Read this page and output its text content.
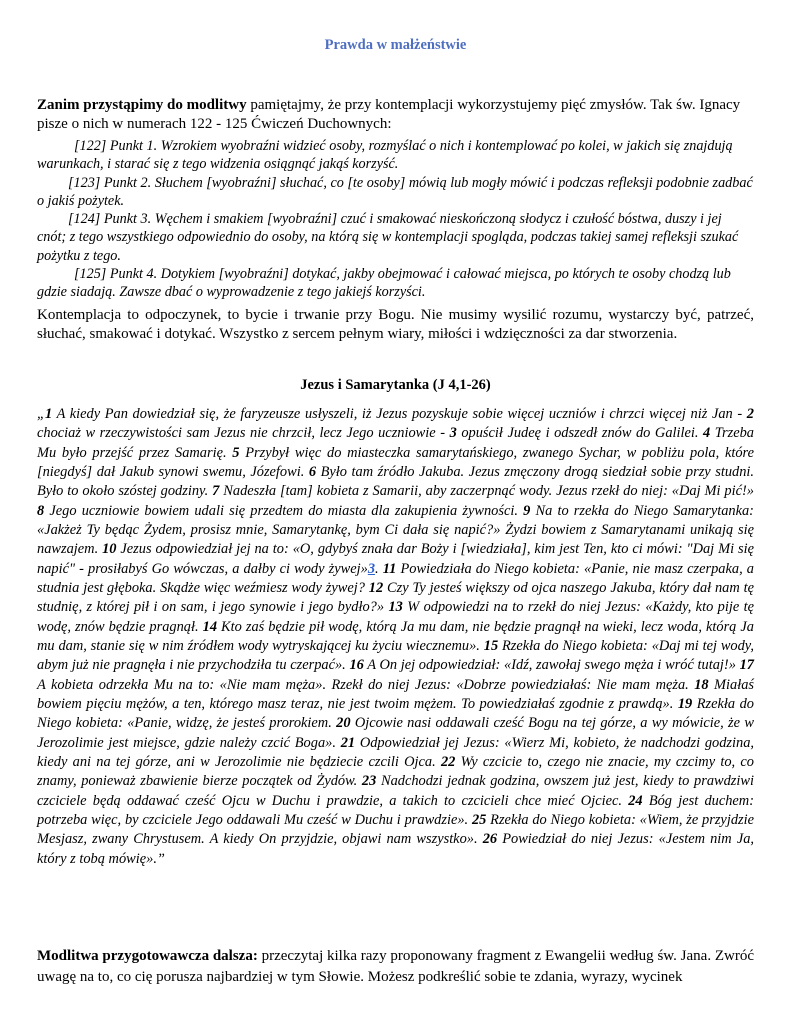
Prawda w małżeństwie

Zanim przystąpimy do modlitwy pamiętajmy, że przy kontemplacji wykorzystujemy pięć zmysłów. Tak św. Ignacy pisze o nich w numerach 122 - 125 Ćwiczeń Duchownych:

[122] Punkt 1. Wzrokiem wyobraźni widzieć osoby, rozmyślać o nich i kontemplować po kolei, w jakich się znajdują warunkach, i starać się z tego widzenia osiągnąć jakąś korzyść.

[123] Punkt 2. Słuchem [wyobraźni] słuchać, co [te osoby] mówią lub mogły mówić i podczas refleksji podobnie zadbać o jakiś pożytek.

[124] Punkt 3. Węchem i smakiem [wyobraźni] czuć i smakować nieskończoną słodycz i czułość bóstwa, duszy i jej cnót; z tego wszystkiego odpowiednio do osoby, na którą się w kontemplacji spogląda, podczas takiej samej refleksji szukać pożytku z tego.

[125] Punkt 4. Dotykiem [wyobraźni] dotykać, jakby obejmować i całować miejsca, po których te osoby chodzą lub gdzie siadają. Zawsze dbać o wyprowadzenie z tego jakiejś korzyści.

Kontemplacja to odpoczynek, to bycie i trwanie przy Bogu. Nie musimy wysilić rozumu, wystarczy być, patrzeć, słuchać, smakować i dotykać. Wszystko z sercem pełnym wiary, miłości i wdzięczności za dar stworzenia.

Jezus i Samarytanka (J 4,1-26)

„1 A kiedy Pan dowiedział się, że faryzeusze usłyszeli, iż Jezus pozyskuje sobie więcej uczniów i chrzci więcej niż Jan - 2 chociaż w rzeczywistości sam Jezus nie chrzcił, lecz Jego uczniowie - 3 opuścił Judeę i odszedł znów do Galilei. 4 Trzeba Mu było przejść przez Samarię. 5 Przybył więc do miasteczka samarytańskiego, zwanego Sychar, w pobliżu pola, które [niegdyś] dał Jakub synowi swemu, Józefowi. 6 Było tam źródło Jakuba. Jezus zmęczony drogą siedział sobie przy studni. Było to około szóstej godziny. 7 Nadeszła [tam] kobieta z Samarii, aby zaczerpnąć wody. Jezus rzekł do niej: «Daj Mi pić!» 8 Jego uczniowie bowiem udali się przedtem do miasta dla zakupienia żywności. 9 Na to rzekła do Niego Samarytanka: «Jakżeż Ty będąc Żydem, prosisz mnie, Samarytankę, bym Ci dała się napić?» Żydzi bowiem z Samarytanami unikają się nawzajem. 10 Jezus odpowiedział jej na to: «O, gdybyś znała dar Boży i [wiedziała], kim jest Ten, kto ci mówi: "Daj Mi się napić" - prosiłabyś Go wówczas, a dałby ci wody żywej»3. 11 Powiedziała do Niego kobieta: «Panie, nie masz czerpaka, a studnia jest głęboka. Skądże więc weźmiesz wody żywej? 12 Czy Ty jesteś większy od ojca naszego Jakuba, który dał nam tę studnię, z której pił i on sam, i jego synowie i jego bydło?» 13 W odpowiedzi na to rzekł do niej Jezus: «Każdy, kto pije tę wodę, znów będzie pragnął. 14 Kto zaś będzie pił wodę, którą Ja mu dam, nie będzie pragnął na wieki, lecz woda, którą Ja mu dam, stanie się w nim źródłem wody wytryskającej ku życiu wiecznemu». 15 Rzekła do Niego kobieta: «Daj mi tej wody, abym już nie pragnęła i nie przychodziła tu czerpać». 16 A On jej odpowiedział: «Idź, zawołaj swego męża i wróć tutaj!» 17 A kobieta odrzekła Mu na to: «Nie mam męża». Rzekł do niej Jezus: «Dobrze powiedziałaś: Nie mam męża. 18 Miałaś bowiem pięciu mężów, a ten, którego masz teraz, nie jest twoim mężem. To powiedziałaś zgodnie z prawdą». 19 Rzekła do Niego kobieta: «Panie, widzę, że jesteś prorokiem. 20 Ojcowie nasi oddawali cześć Bogu na tej górze, a wy mówicie, że w Jerozolimie jest miejsce, gdzie należy czcić Boga». 21 Odpowiedział jej Jezus: «Wierz Mi, kobieto, że nadchodzi godzina, kiedy ani na tej górze, ani w Jerozolimie nie będziecie czcili Ojca. 22 Wy czcicie to, czego nie znacie, my czcimy to, co znamy, ponieważ zbawienie bierze początek od Żydów. 23 Nadchodzi jednak godzina, owszem już jest, kiedy to prawdziwi czciciele będą oddawać cześć Ojcu w Duchu i prawdzie, a takich to czcicieli chce mieć Ojciec. 24 Bóg jest duchem: potrzeba więc, by czciciele Jego oddawali Mu cześć w Duchu i prawdzie». 25 Rzekła do Niego kobieta: «Wiem, że przyjdzie Mesjasz, zwany Chrystusem. A kiedy On przyjdzie, objawi nam wszystko». 26 Powiedział do niej Jezus: «Jestem nim Ja, który z tobą mówię».”

Modlitwa przygotowawcza dalsza: przeczytaj kilka razy proponowany fragment z Ewangelii według św. Jana. Zwróć uwagę na to, co cię porusza najbardziej w tym Słowie. Możesz podkreślić sobie te zdania, wyrazy, wycinek
